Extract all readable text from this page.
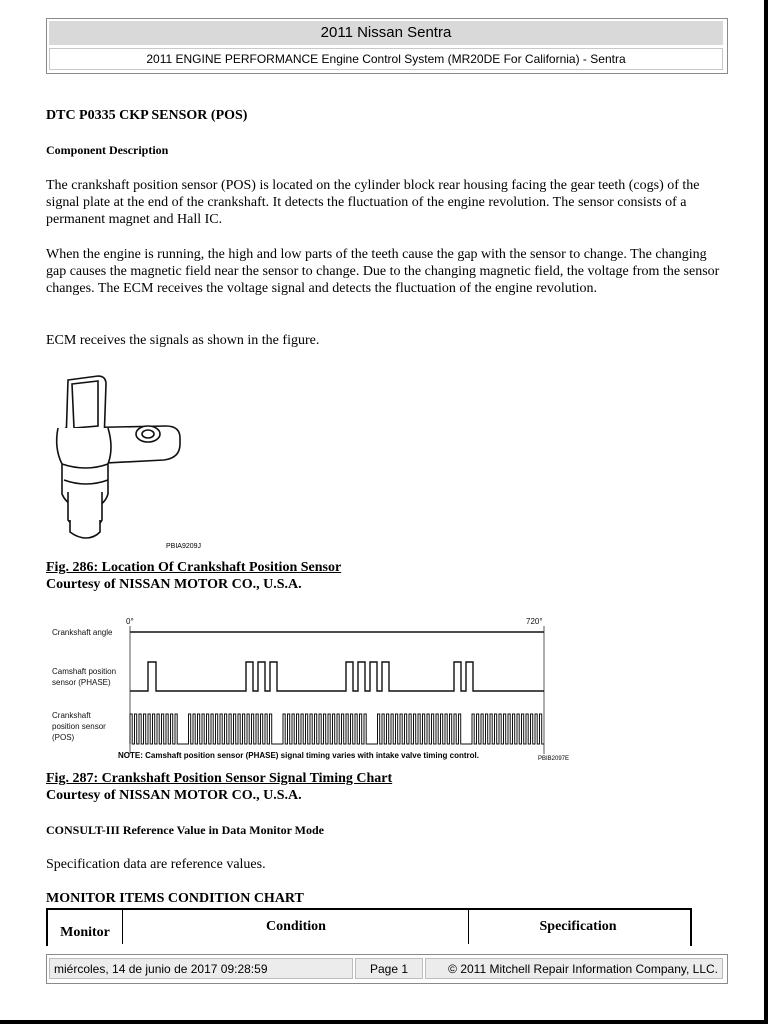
2011 Nissan Sentra
2011 ENGINE PERFORMANCE Engine Control System (MR20DE For California) - Sentra
DTC P0335 CKP SENSOR (POS)
Component Description

The crankshaft position sensor (POS) is located on the cylinder block rear housing facing the gear teeth (cogs) of the signal plate at the end of the crankshaft. It detects the fluctuation of the engine revolution. The sensor consists of a permanent magnet and Hall IC.

When the engine is running, the high and low parts of the teeth cause the gap with the sensor to change. The changing gap causes the magnetic field near the sensor to change. Due to the changing magnetic field, the voltage from the sensor changes. The ECM receives the voltage signal and detects the fluctuation of the engine revolution.

ECM receives the signals as shown in the figure.

Fig. 286: Location Of Crankshaft Position Sensor
Courtesy of NISSAN MOTOR CO., U.S.A.
Fig. 287: Crankshaft Position Sensor Signal Timing Chart
Courtesy of NISSAN MOTOR CO., U.S.A.
CONSULT-III Reference Value in Data Monitor Mode

Specification data are reference values.

MONITOR ITEMS CONDITION CHART
PBIA9209J
0°	720°
Crankshaft angle
Camshaft position
sensor (PHASE)
Crankshaft
position sensor
(POS)
NOTE: Camshaft position sensor (PHASE) signal timing varies with intake valve timing control.	PBIB2097E
Monitor	Condition	Specification
miércoles, 14 de junio de 2017 09:28:59	Page 1	© 2011 Mitchell Repair Information Company, LLC.
